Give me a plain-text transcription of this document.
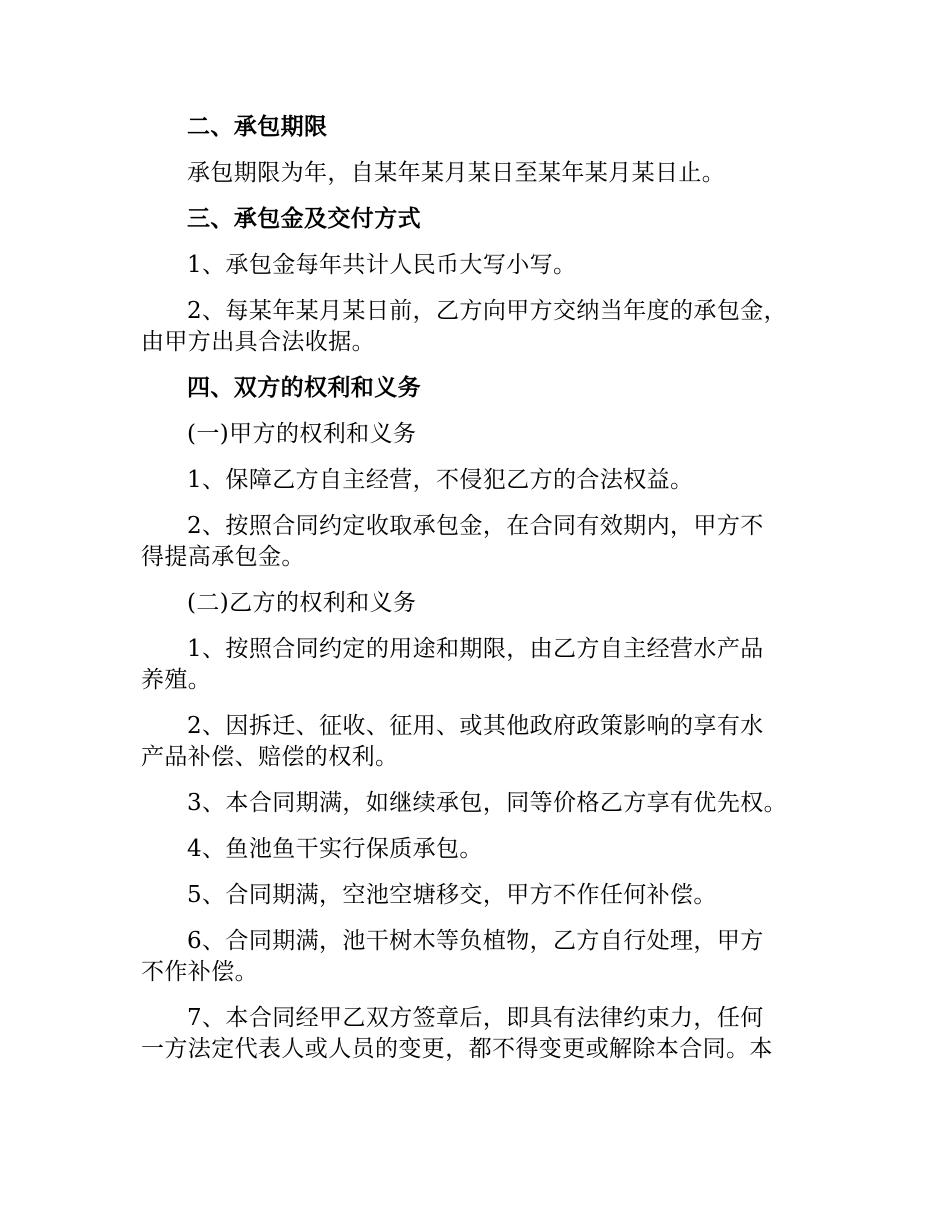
二、承包期限
承包期限为年，自某年某月某日至某年某月某日止。
三、承包金及交付方式
1、承包金每年共计人民币大写小写。
2、每某年某月某日前，乙方向甲方交纳当年度的承包金，
由甲方出具合法收据。
四、双方的权利和义务
(一)甲方的权利和义务
1、保障乙方自主经营，不侵犯乙方的合法权益。
2、按照合同约定收取承包金，在合同有效期内，甲方不
得提高承包金。
(二)乙方的权利和义务
1、按照合同约定的用途和期限，由乙方自主经营水产品
养殖。
2、因拆迁、征收、征用、或其他政府政策影响的享有水
产品补偿、赔偿的权利。
3、本合同期满，如继续承包，同等价格乙方享有优先权。
4、鱼池鱼干实行保质承包。
5、合同期满，空池空塘移交，甲方不作任何补偿。
6、合同期满，池干树木等负植物，乙方自行处理，甲方
不作补偿。
7、本合同经甲乙双方签章后，即具有法律约束力，任何
一方法定代表人或人员的变更，都不得变更或解除本合同。本
